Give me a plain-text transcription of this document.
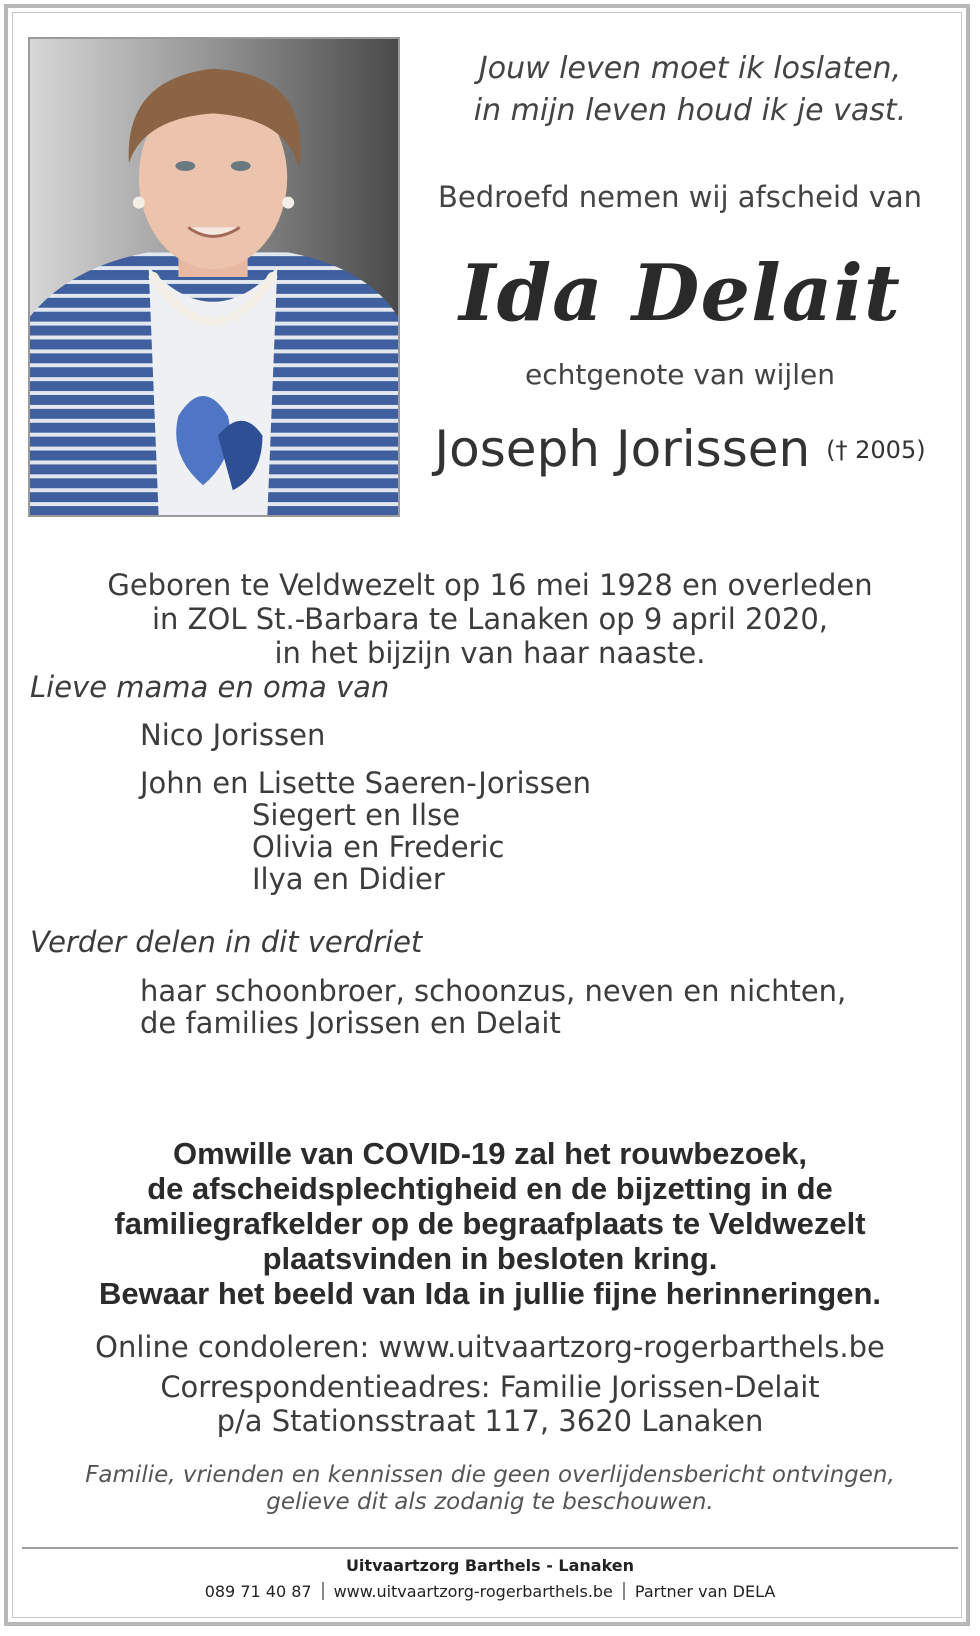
Jouw leven moet ik loslaten,
in mijn leven houd ik je vast.
Bedroefd nemen wij afscheid van
Ida Delait
echtgenote van wijlen
Joseph Jorissen († 2005)
Geboren te Veldwezelt op 16 mei 1928 en overleden
in ZOL St.-Barbara te Lanaken op 9 april 2020,
in het bijzijn van haar naaste.
Lieve mama en oma van
Nico Jorissen
John en Lisette Saeren-Jorissen
Siegert en Ilse
Olivia en Frederic
Ilya en Didier
Verder delen in dit verdriet
haar schoonbroer, schoonzus, neven en nichten,
de families Jorissen en Delait
Omwille van COVID-19 zal het rouwbezoek,
de afscheidsplechtigheid en de bijzetting in de
familiegrafkelder op de begraafplaats te Veldwezelt
plaatsvinden in besloten kring.
Bewaar het beeld van Ida in jullie fijne herinneringen.
Online condoleren: www.uitvaartzorg-rogerbarthels.be
Correspondentieadres: Familie Jorissen-Delait
p/a Stationsstraat 117, 3620 Lanaken
Familie, vrienden en kennissen die geen overlijdensbericht ontvingen,
gelieve dit als zodanig te beschouwen.
Uitvaartzorg Barthels - Lanaken
089 71 40 87 www.uitvaartzorg-rogerbarthels.be Partner van DELA
